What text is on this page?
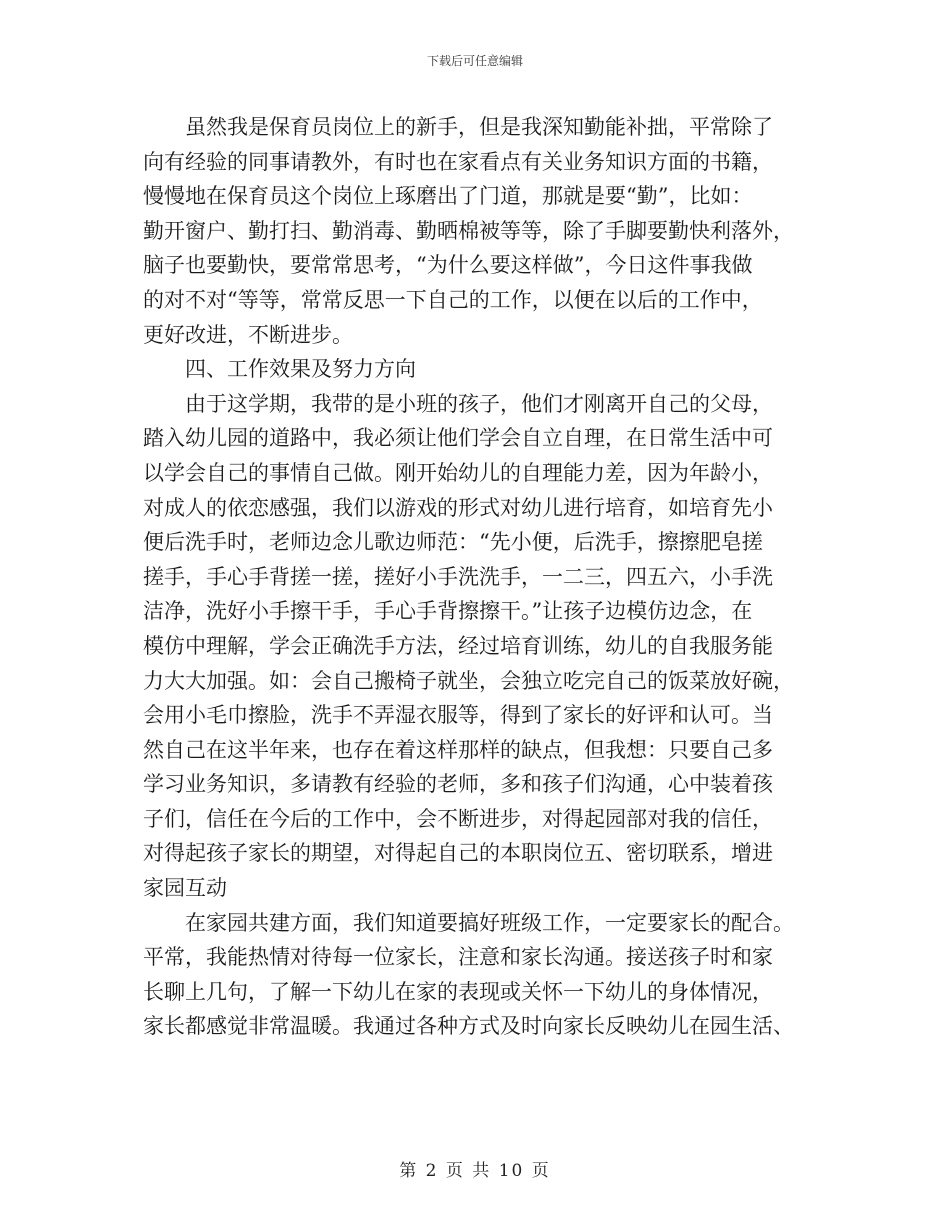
下载后可任意编辑
虽然我是保育员岗位上的新手，但是我深知勤能补拙，平常除了
向有经验的同事请教外，有时也在家看点有关业务知识方面的书籍，
慢慢地在保育员这个岗位上琢磨出了门道，那就是要“勤”，比如：
勤开窗户、勤打扫、勤消毒、勤晒棉被等等，除了手脚要勤快利落外，
脑子也要勤快，要常常思考，“为什么要这样做”，今日这件事我做
的对不对“等等，常常反思一下自己的工作，以便在以后的工作中，
更好改进，不断进步。
四、工作效果及努力方向
由于这学期，我带的是小班的孩子，他们才刚离开自己的父母，
踏入幼儿园的道路中，我必须让他们学会自立自理，在日常生活中可
以学会自己的事情自己做。刚开始幼儿的自理能力差，因为年龄小，
对成人的依恋感强，我们以游戏的形式对幼儿进行培育，如培育先小
便后洗手时，老师边念儿歌边师范：“先小便，后洗手，擦擦肥皂搓
搓手，手心手背搓一搓，搓好小手洗洗手，一二三，四五六，小手洗
洁净，洗好小手擦干手，手心手背擦擦干。”让孩子边模仿边念，在
模仿中理解，学会正确洗手方法，经过培育训练，幼儿的自我服务能
力大大加强。如：会自己搬椅子就坐，会独立吃完自己的饭菜放好碗，
会用小毛巾擦脸，洗手不弄湿衣服等，得到了家长的好评和认可。当
然自己在这半年来，也存在着这样那样的缺点，但我想：只要自己多
学习业务知识，多请教有经验的老师，多和孩子们沟通，心中装着孩
子们，信任在今后的工作中，会不断进步，对得起园部对我的信任，
对得起孩子家长的期望，对得起自己的本职岗位五、密切联系，增进
家园互动
在家园共建方面，我们知道要搞好班级工作，一定要家长的配合。
平常，我能热情对待每一位家长，注意和家长沟通。接送孩子时和家
长聊上几句，了解一下幼儿在家的表现或关怀一下幼儿的身体情况，
家长都感觉非常温暖。我通过各种方式及时向家长反映幼儿在园生活、
第 2 页 共 10 页
